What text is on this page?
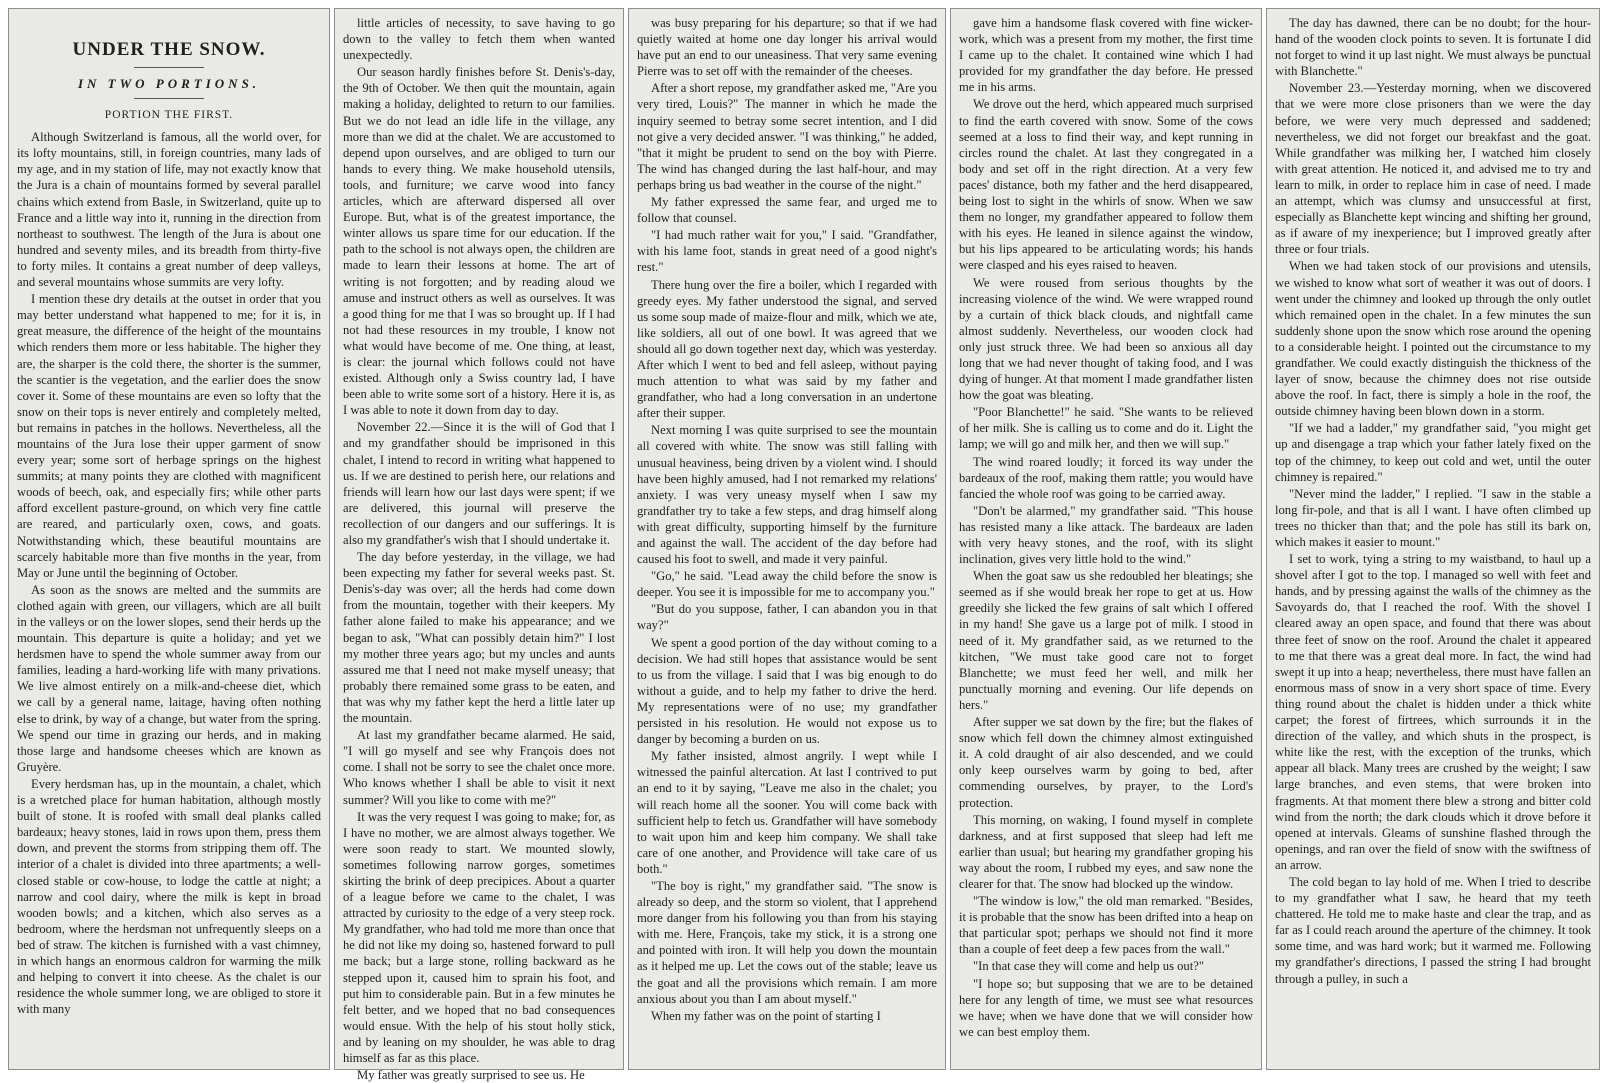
UNDER THE SNOW.
IN TWO PORTIONS.
PORTION THE FIRST.

Although Switzerland is famous, all the world over, for its lofty mountains, still, in foreign countries, many lads of my age, and in my station of life, may not exactly know that the Jura is a chain of mountains formed by several parallel chains which extend from Basle, in Switzerland, quite up to France and a little way into it, running in the direction from northeast to southwest. The length of the Jura is about one hundred and seventy miles, and its breadth from thirty-five to forty miles. It contains a great number of deep valleys, and several mountains whose summits are very lofty.

I mention these dry details at the outset in order that you may better understand what happened to me; for it is, in great measure, the difference of the height of the mountains which renders them more or less habitable. The higher they are, the sharper is the cold there, the shorter is the summer, the scantier is the vegetation, and the earlier does the snow cover it. Some of these mountains are even so lofty that the snow on their tops is never entirely and completely melted, but remains in patches in the hollows. Nevertheless, all the mountains of the Jura lose their upper garment of snow every year; some sort of herbage springs on the highest summits; at many points they are clothed with magnificent woods of beech, oak, and especially firs; while other parts afford excellent pasture-ground, on which very fine cattle are reared, and particularly oxen, cows, and goats. Notwithstanding which, these beautiful mountains are scarcely habitable more than five months in the year, from May or June until the beginning of October.

As soon as the snows are melted and the summits are clothed again with green, our villagers, which are all built in the valleys or on the lower slopes, send their herds up the mountain. This departure is quite a holiday; and yet we herdsmen have to spend the whole summer away from our families, leading a hard-working life with many privations. We live almost entirely on a milk-and-cheese diet, which we call by a general name, laitage, having often nothing else to drink, by way of a change, but water from the spring. We spend our time in grazing our herds, and in making those large and handsome cheeses which are known as Gruyère.

Every herdsman has, up in the mountain, a chalet, which is a wretched place for human habitation, although mostly built of stone. It is roofed with small deal planks called bardeaux; heavy stones, laid in rows upon them, press them down, and prevent the storms from stripping them off. The interior of a chalet is divided into three apartments; a well-closed stable or cow-house, to lodge the cattle at night; a narrow and cool dairy, where the milk is kept in broad wooden bowls; and a kitchen, which also serves as a bedroom, where the herdsman not unfrequently sleeps on a bed of straw. The kitchen is furnished with a vast chimney, in which hangs an enormous caldron for warming the milk and helping to convert it into cheese. As the chalet is our residence the whole summer long, we are obliged to store it with many

little articles of necessity, to save having to go down to the valley to fetch them when wanted unexpectedly.

Our season hardly finishes before St. Denis's-day, the 9th of October. We then quit the mountain, again making a holiday, delighted to return to our families. But we do not lead an idle life in the village, any more than we did at the chalet. We are accustomed to depend upon ourselves, and are obliged to turn our hands to every thing. We make household utensils, tools, and furniture; we carve wood into fancy articles, which are afterward dispersed all over Europe. But, what is of the greatest importance, the winter allows us spare time for our education. If the path to the school is not always open, the children are made to learn their lessons at home. The art of writing is not forgotten; and by reading aloud we amuse and instruct others as well as ourselves. It was a good thing for me that I was so brought up. If I had not had these resources in my trouble, I know not what would have become of me. One thing, at least, is clear: the journal which follows could not have existed. Although only a Swiss country lad, I have been able to write some sort of a history. Here it is, as I was able to note it down from day to day.

November 22.—Since it is the will of God that I and my grandfather should be imprisoned in this chalet, I intend to record in writing what happened to us. If we are destined to perish here, our relations and friends will learn how our last days were spent; if we are delivered, this journal will preserve the recollection of our dangers and our sufferings. It is also my grandfather's wish that I should undertake it.

The day before yesterday, in the village, we had been expecting my father for several weeks past. St. Denis's-day was over; all the herds had come down from the mountain, together with their keepers. My father alone failed to make his appearance; and we began to ask, "What can possibly detain him?" I lost my mother three years ago; but my uncles and aunts assured me that I need not make myself uneasy; that probably there remained some grass to be eaten, and that was why my father kept the herd a little later up the mountain.

At last my grandfather became alarmed. He said, "I will go myself and see why François does not come. I shall not be sorry to see the chalet once more. Who knows whether I shall be able to visit it next summer? Will you like to come with me?"

It was the very request I was going to make; for, as I have no mother, we are almost always together. We were soon ready to start. We mounted slowly, sometimes following narrow gorges, sometimes skirting the brink of deep precipices. About a quarter of a league before we came to the chalet, I was attracted by curiosity to the edge of a very steep rock. My grandfather, who had told me more than once that he did not like my doing so, hastened forward to pull me back; but a large stone, rolling backward as he stepped upon it, caused him to sprain his foot, and put him to considerable pain. But in a few minutes he felt better, and we hoped that no bad consequences would ensue. With the help of his stout holly stick, and by leaning on my shoulder, he was able to drag himself as far as this place.

My father was greatly surprised to see us. He

was busy preparing for his departure; so that if we had quietly waited at home one day longer his arrival would have put an end to our uneasiness. That very same evening Pierre was to set off with the remainder of the cheeses.

After a short repose, my grandfather asked me, "Are you very tired, Louis?" The manner in which he made the inquiry seemed to betray some secret intention, and I did not give a very decided answer. "I was thinking," he added, "that it might be prudent to send on the boy with Pierre. The wind has changed during the last half-hour, and may perhaps bring us bad weather in the course of the night."

My father expressed the same fear, and urged me to follow that counsel.

"I had much rather wait for you," I said. "Grandfather, with his lame foot, stands in great need of a good night's rest."

There hung over the fire a boiler, which I regarded with greedy eyes. My father understood the signal, and served us some soup made of maize-flour and milk, which we ate, like soldiers, all out of one bowl. It was agreed that we should all go down together next day, which was yesterday. After which I went to bed and fell asleep, without paying much attention to what was said by my father and grandfather, who had a long conversation in an undertone after their supper.

Next morning I was quite surprised to see the mountain all covered with white. The snow was still falling with unusual heaviness, being driven by a violent wind. I should have been highly amused, had I not remarked my relations' anxiety. I was very uneasy myself when I saw my grandfather try to take a few steps, and drag himself along with great difficulty, supporting himself by the furniture and against the wall. The accident of the day before had caused his foot to swell, and made it very painful.

"Go," he said. "Lead away the child before the snow is deeper. You see it is impossible for me to accompany you."

"But do you suppose, father, I can abandon you in that way?"

We spent a good portion of the day without coming to a decision. We had still hopes that assistance would be sent to us from the village. I said that I was big enough to do without a guide, and to help my father to drive the herd. My representations were of no use; my grandfather persisted in his resolution. He would not expose us to danger by becoming a burden on us.

My father insisted, almost angrily. I wept while I witnessed the painful altercation. At last I contrived to put an end to it by saying, "Leave me also in the chalet; you will reach home all the sooner. You will come back with sufficient help to fetch us. Grandfather will have somebody to wait upon him and keep him company. We shall take care of one another, and Providence will take care of us both."

"The boy is right," my grandfather said. "The snow is already so deep, and the storm so violent, that I apprehend more danger from his following you than from his staying with me. Here, François, take my stick, it is a strong one and pointed with iron. It will help you down the mountain as it helped me up. Let the cows out of the stable; leave us the goat and all the provisions which remain. I am more anxious about you than I am about myself."

When my father was on the point of starting I

gave him a handsome flask covered with fine wicker-work, which was a present from my mother, the first time I came up to the chalet. It contained wine which I had provided for my grandfather the day before. He pressed me in his arms.

We drove out the herd, which appeared much surprised to find the earth covered with snow. Some of the cows seemed at a loss to find their way, and kept running in circles round the chalet. At last they congregated in a body and set off in the right direction. At a very few paces' distance, both my father and the herd disappeared, being lost to sight in the whirls of snow. When we saw them no longer, my grandfather appeared to follow them with his eyes. He leaned in silence against the window, but his lips appeared to be articulating words; his hands were clasped and his eyes raised to heaven.

We were roused from serious thoughts by the increasing violence of the wind. We were wrapped round by a curtain of thick black clouds, and nightfall came almost suddenly. Nevertheless, our wooden clock had only just struck three. We had been so anxious all day long that we had never thought of taking food, and I was dying of hunger. At that moment I made grandfather listen how the goat was bleating.

"Poor Blanchette!" he said. "She wants to be relieved of her milk. She is calling us to come and do it. Light the lamp; we will go and milk her, and then we will sup."

The wind roared loudly; it forced its way under the bardeaux of the roof, making them rattle; you would have fancied the whole roof was going to be carried away.

"Don't be alarmed," my grandfather said. "This house has resisted many a like attack. The bardeaux are laden with very heavy stones, and the roof, with its slight inclination, gives very little hold to the wind."

When the goat saw us she redoubled her bleatings; she seemed as if she would break her rope to get at us. How greedily she licked the few grains of salt which I offered in my hand! She gave us a large pot of milk. I stood in need of it. My grandfather said, as we returned to the kitchen, "We must take good care not to forget Blanchette; we must feed her well, and milk her punctually morning and evening. Our life depends on hers."

After supper we sat down by the fire; but the flakes of snow which fell down the chimney almost extinguished it. A cold draught of air also descended, and we could only keep ourselves warm by going to bed, after commending ourselves, by prayer, to the Lord's protection.

This morning, on waking, I found myself in complete darkness, and at first supposed that sleep had left me earlier than usual; but hearing my grandfather groping his way about the room, I rubbed my eyes, and saw none the clearer for that. The snow had blocked up the window.

"The window is low," the old man remarked. "Besides, it is probable that the snow has been drifted into a heap on that particular spot; perhaps we should not find it more than a couple of feet deep a few paces from the wall."

"In that case they will come and help us out?"

"I hope so; but supposing that we are to be detained here for any length of time, we must see what resources we have; when we have done that we will consider how we can best employ them.

The day has dawned, there can be no doubt; for the hour-hand of the wooden clock points to seven. It is fortunate I did not forget to wind it up last night. We must always be punctual with Blanchette."

November 23.—Yesterday morning, when we discovered that we were more close prisoners than we were the day before, we were very much depressed and saddened; nevertheless, we did not forget our breakfast and the goat. While grandfather was milking her, I watched him closely with great attention. He noticed it, and advised me to try and learn to milk, in order to replace him in case of need. I made an attempt, which was clumsy and unsuccessful at first, especially as Blanchette kept wincing and shifting her ground, as if aware of my inexperience; but I improved greatly after three or four trials.

When we had taken stock of our provisions and utensils, we wished to know what sort of weather it was out of doors. I went under the chimney and looked up through the only outlet which remained open in the chalet. In a few minutes the sun suddenly shone upon the snow which rose around the opening to a considerable height. I pointed out the circumstance to my grandfather. We could exactly distinguish the thickness of the layer of snow, because the chimney does not rise outside above the roof. In fact, there is simply a hole in the roof, the outside chimney having been blown down in a storm.

"If we had a ladder," my grandfather said, "you might get up and disengage a trap which your father lately fixed on the top of the chimney, to keep out cold and wet, until the outer chimney is repaired."

"Never mind the ladder," I replied. "I saw in the stable a long fir-pole, and that is all I want. I have often climbed up trees no thicker than that; and the pole has still its bark on, which makes it easier to mount."

I set to work, tying a string to my waistband, to haul up a shovel after I got to the top. I managed so well with feet and hands, and by pressing against the walls of the chimney as the Savoyards do, that I reached the roof. With the shovel I cleared away an open space, and found that there was about three feet of snow on the roof. Around the chalet it appeared to me that there was a great deal more. In fact, the wind had swept it up into a heap; nevertheless, there must have fallen an enormous mass of snow in a very short space of time. Every thing round about the chalet is hidden under a thick white carpet; the forest of firtrees, which surrounds it in the direction of the valley, and which shuts in the prospect, is white like the rest, with the exception of the trunks, which appear all black. Many trees are crushed by the weight; I saw large branches, and even stems, that were broken into fragments. At that moment there blew a strong and bitter cold wind from the north; the dark clouds which it drove before it opened at intervals. Gleams of sunshine flashed through the openings, and ran over the field of snow with the swiftness of an arrow.

The cold began to lay hold of me. When I tried to describe to my grandfather what I saw, he heard that my teeth chattered. He told me to make haste and clear the trap, and as far as I could reach around the aperture of the chimney. It took some time, and was hard work; but it warmed me. Following my grandfather's directions, I passed the string I had brought through a pulley, in such a
